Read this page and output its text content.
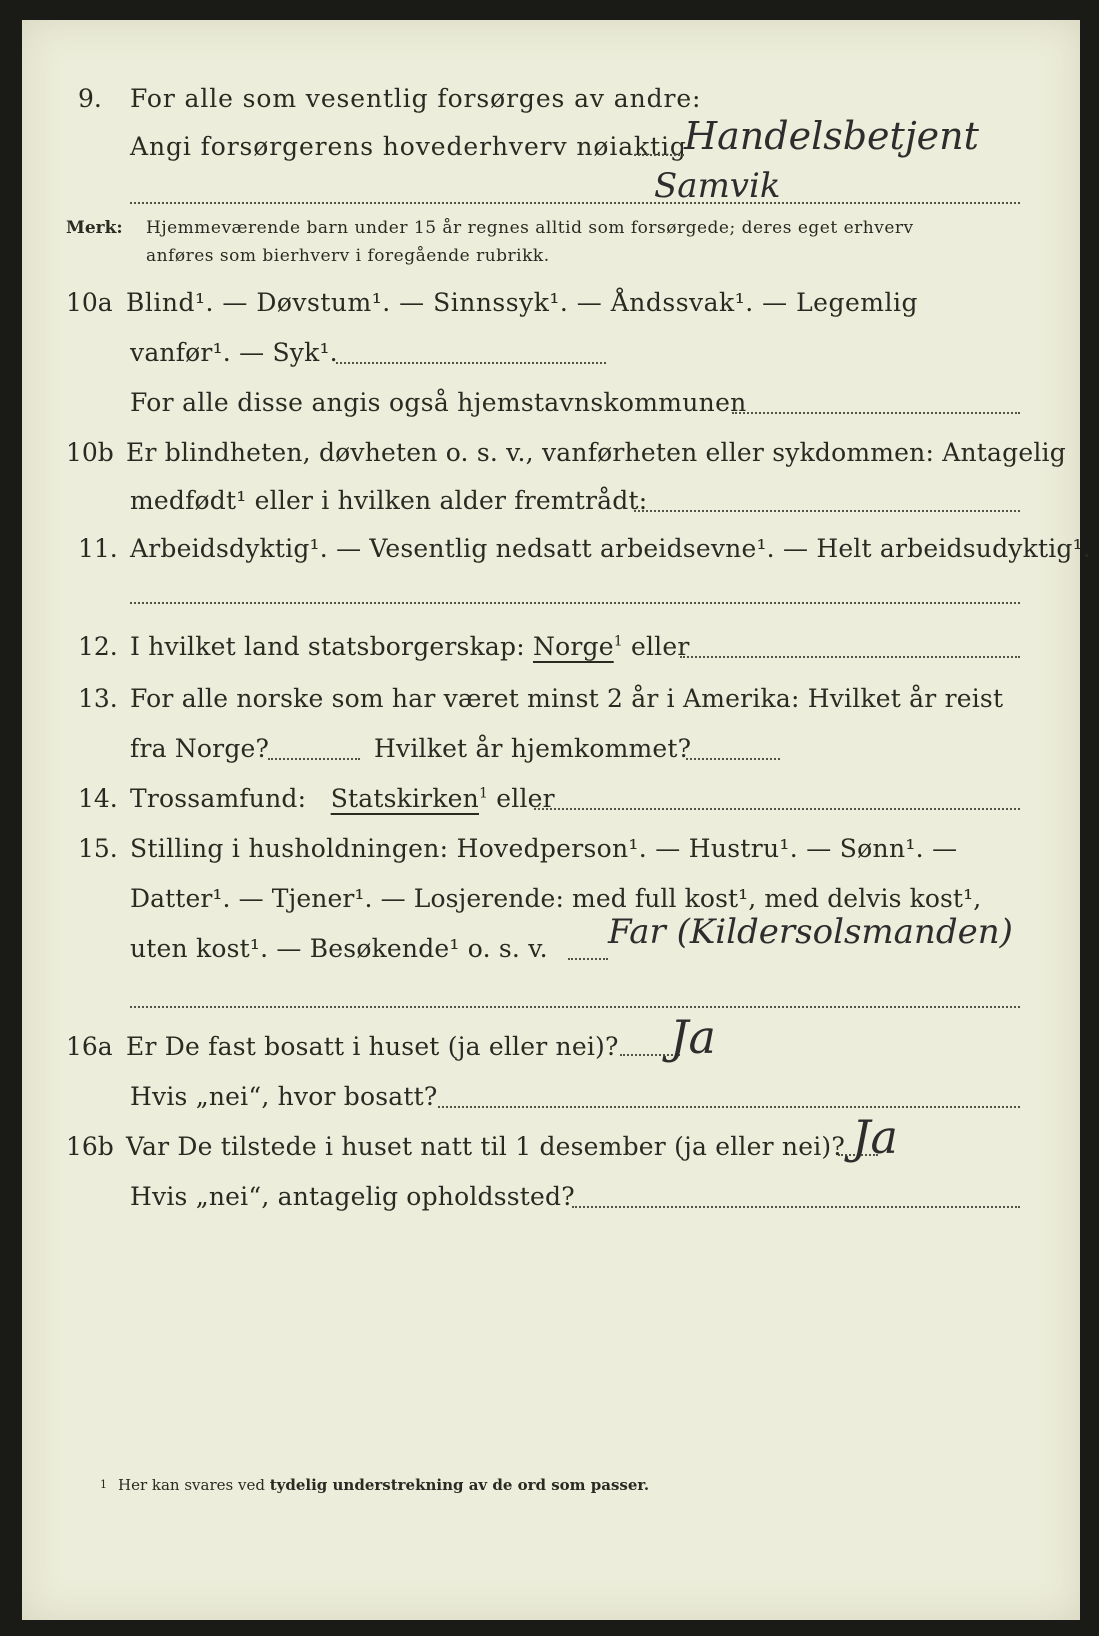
9. For alle som vesentlig forsørges av andre:
Angi forsørgerens hovederhverv nøiaktig
Handelsbetjent
Samvik
Merk: Hjemmeværende barn under 15 år regnes alltid som forsørgede; deres eget erhverv
anføres som bierhverv i foregående rubrikk.
10a Blind¹. — Døvstum¹. — Sinnssyk¹. — Åndssvak¹. — Legemlig
vanfør¹. — Syk¹.
For alle disse angis også hjemstavnskommunen
10b Er blindheten, døvheten o. s. v., vanførheten eller sykdommen: Antagelig
medfødt¹ eller i hvilken alder fremtrådt:
11. Arbeidsdyktig¹. — Vesentlig nedsatt arbeidsevne¹. — Helt arbeidsudyktig¹.
12. I hvilket land statsborgerskap: Norge$^1$ eller
13. For alle norske som har været minst 2 år i Amerika: Hvilket år reist
fra Norge?	Hvilket år hjemkommet?
14. Trossamfund: Statskirken$^1$ eller
15. Stilling i husholdningen: Hovedperson¹. — Hustru¹. — Sønn¹. —
Datter¹. — Tjener¹. — Losjerende: med full kost¹, med delvis kost¹,
uten kost¹. — Besøkende¹ o. s. v. Far (Kildersolsmanden)
16a Er De fast bosatt i huset (ja eller nei)? Ja
Hvis „nei“, hvor bosatt?
16b Var De tilstede i huset natt til 1 desember (ja eller nei)? Ja
Hvis „nei“, antagelig opholdssted?
1 Her kan svares ved tydelig understrekning av de ord som passer.
